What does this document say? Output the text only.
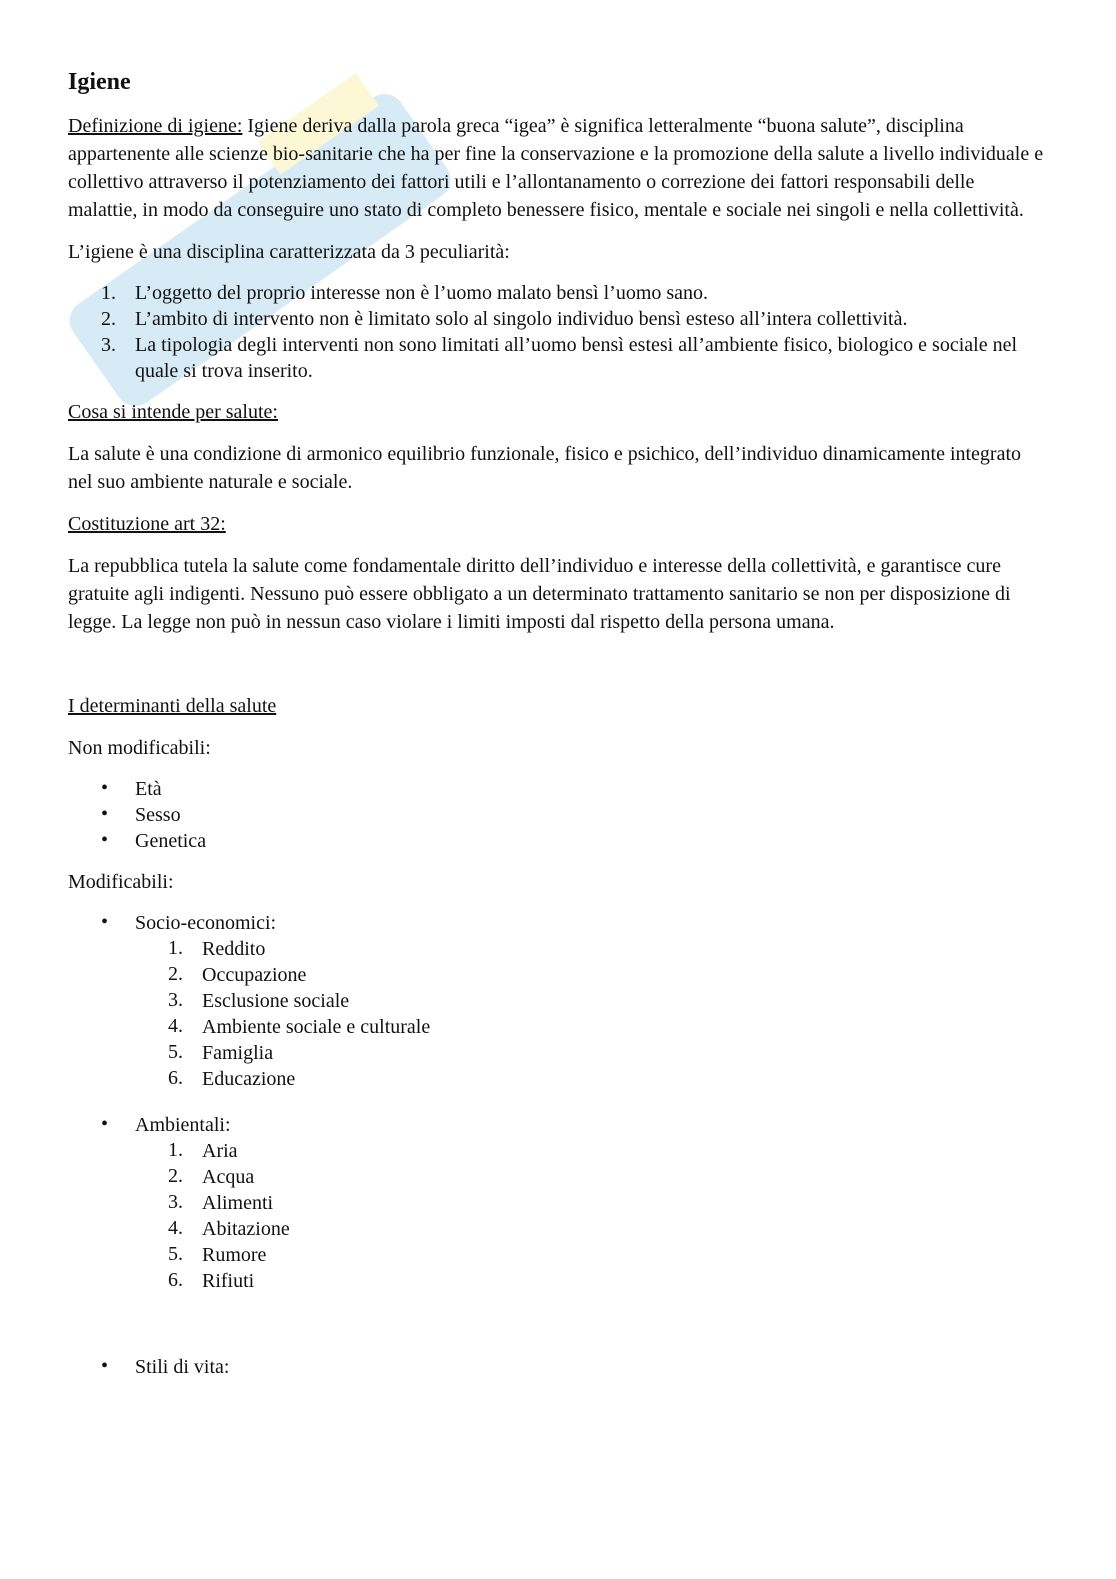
Igiene

Definizione di igiene: Igiene deriva dalla parola greca “igea” è significa letteralmente “buona salute”, disciplina appartenente alle scienze bio-sanitarie che ha per fine la conservazione e la promozione della salute a livello individuale e collettivo attraverso il potenziamento dei fattori utili e l’allontanamento o correzione dei fattori responsabili delle malattie, in modo da conseguire uno stato di completo benessere fisico, mentale e sociale nei singoli e nella collettività.

L’igiene è una disciplina caratterizzata da 3 peculiarità:

1. L’oggetto del proprio interesse non è l’uomo malato bensì l’uomo sano.
2. L’ambito di intervento non è limitato solo al singolo individuo bensì esteso all’intera collettività.
3. La tipologia degli interventi non sono limitati all’uomo bensì estesi all’ambiente fisico, biologico e sociale nel quale si trova inserito.

Cosa si intende per salute:

La salute è una condizione di armonico equilibrio funzionale, fisico e psichico, dell’individuo dinamicamente integrato nel suo ambiente naturale e sociale.

Costituzione art 32:

La repubblica tutela la salute come fondamentale diritto dell’individuo e interesse della collettività, e garantisce cure gratuite agli indigenti. Nessuno può essere obbligato a un determinato trattamento sanitario se non per disposizione di legge. La legge non può in nessun caso violare i limiti imposti dal rispetto della persona umana.

I determinanti della salute

Non modificabili:

• Età
• Sesso
• Genetica

Modificabili:

• Socio-economici:
1. Reddito
2. Occupazione
3. Esclusione sociale
4. Ambiente sociale e culturale
5. Famiglia
6. Educazione
• Ambientali:
1. Aria
2. Acqua
3. Alimenti
4. Abitazione
5. Rumore
6. Rifiuti
• Stili di vita:
